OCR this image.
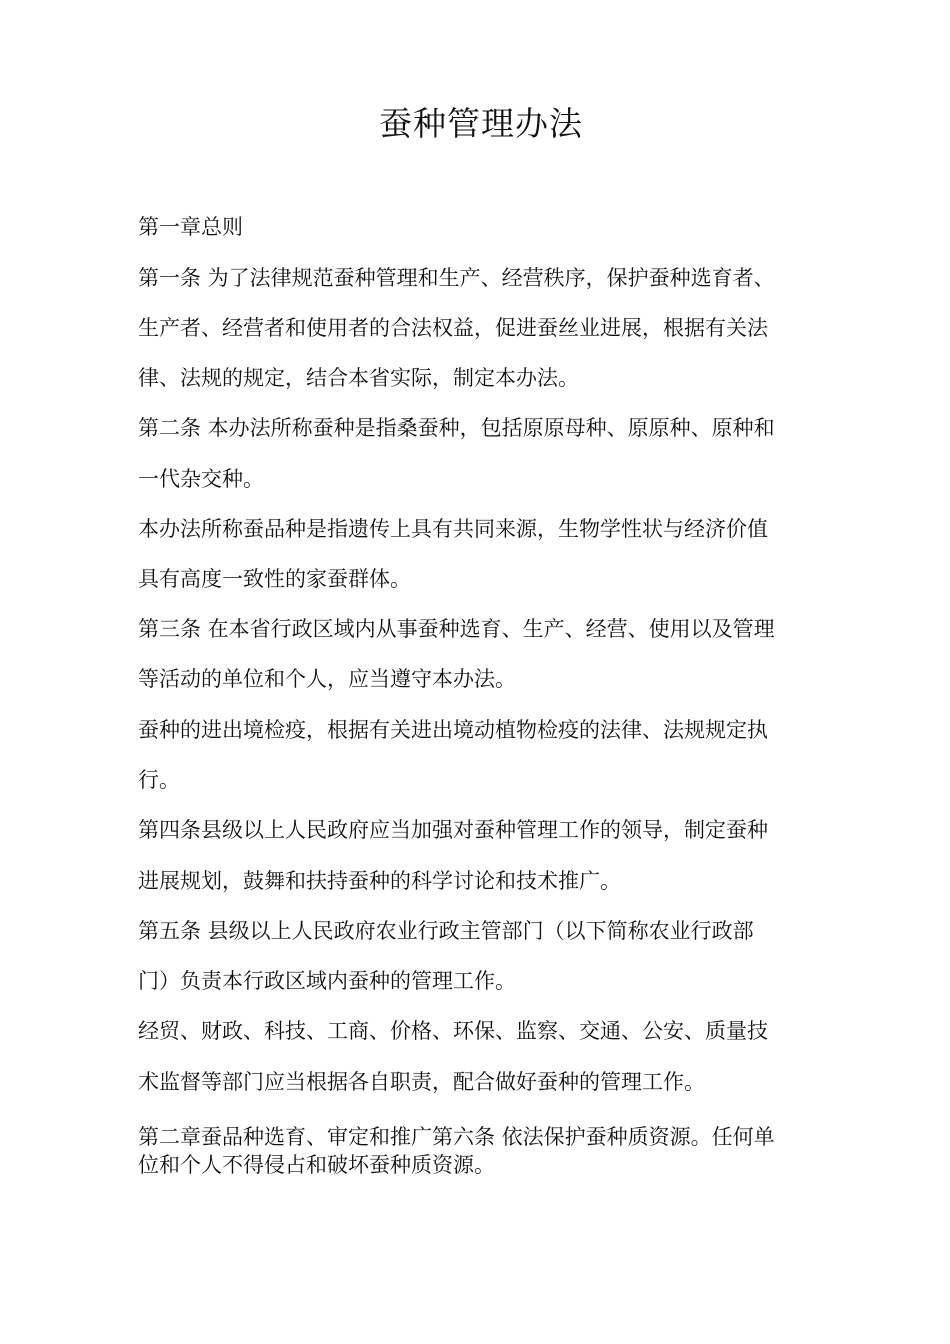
蚕种管理办法

第一章总则

第一条 为了法律规范蚕种管理和生产、经营秩序，保护蚕种选育者、

生产者、经营者和使用者的合法权益，促进蚕丝业进展，根据有关法

律、法规的规定，结合本省实际，制定本办法。

第二条 本办法所称蚕种是指桑蚕种，包括原原母种、原原种、原种和

一代杂交种。

本办法所称蚕品种是指遗传上具有共同来源，生物学性状与经济价值

具有高度一致性的家蚕群体。

第三条 在本省行政区域内从事蚕种选育、生产、经营、使用以及管理

等活动的单位和个人，应当遵守本办法。

蚕种的进出境检疫，根据有关进出境动植物检疫的法律、法规规定执

行。

第四条县级以上人民政府应当加强对蚕种管理工作的领导，制定蚕种

进展规划，鼓舞和扶持蚕种的科学讨论和技术推广。

第五条 县级以上人民政府农业行政主管部门（以下简称农业行政部

门）负责本行政区域内蚕种的管理工作。

经贸、财政、科技、工商、价格、环保、监察、交通、公安、质量技

术监督等部门应当根据各自职责，配合做好蚕种的管理工作。

第二章蚕品种选育、审定和推广第六条 依法保护蚕种质资源。任何单

位和个人不得侵占和破坏蚕种质资源。
